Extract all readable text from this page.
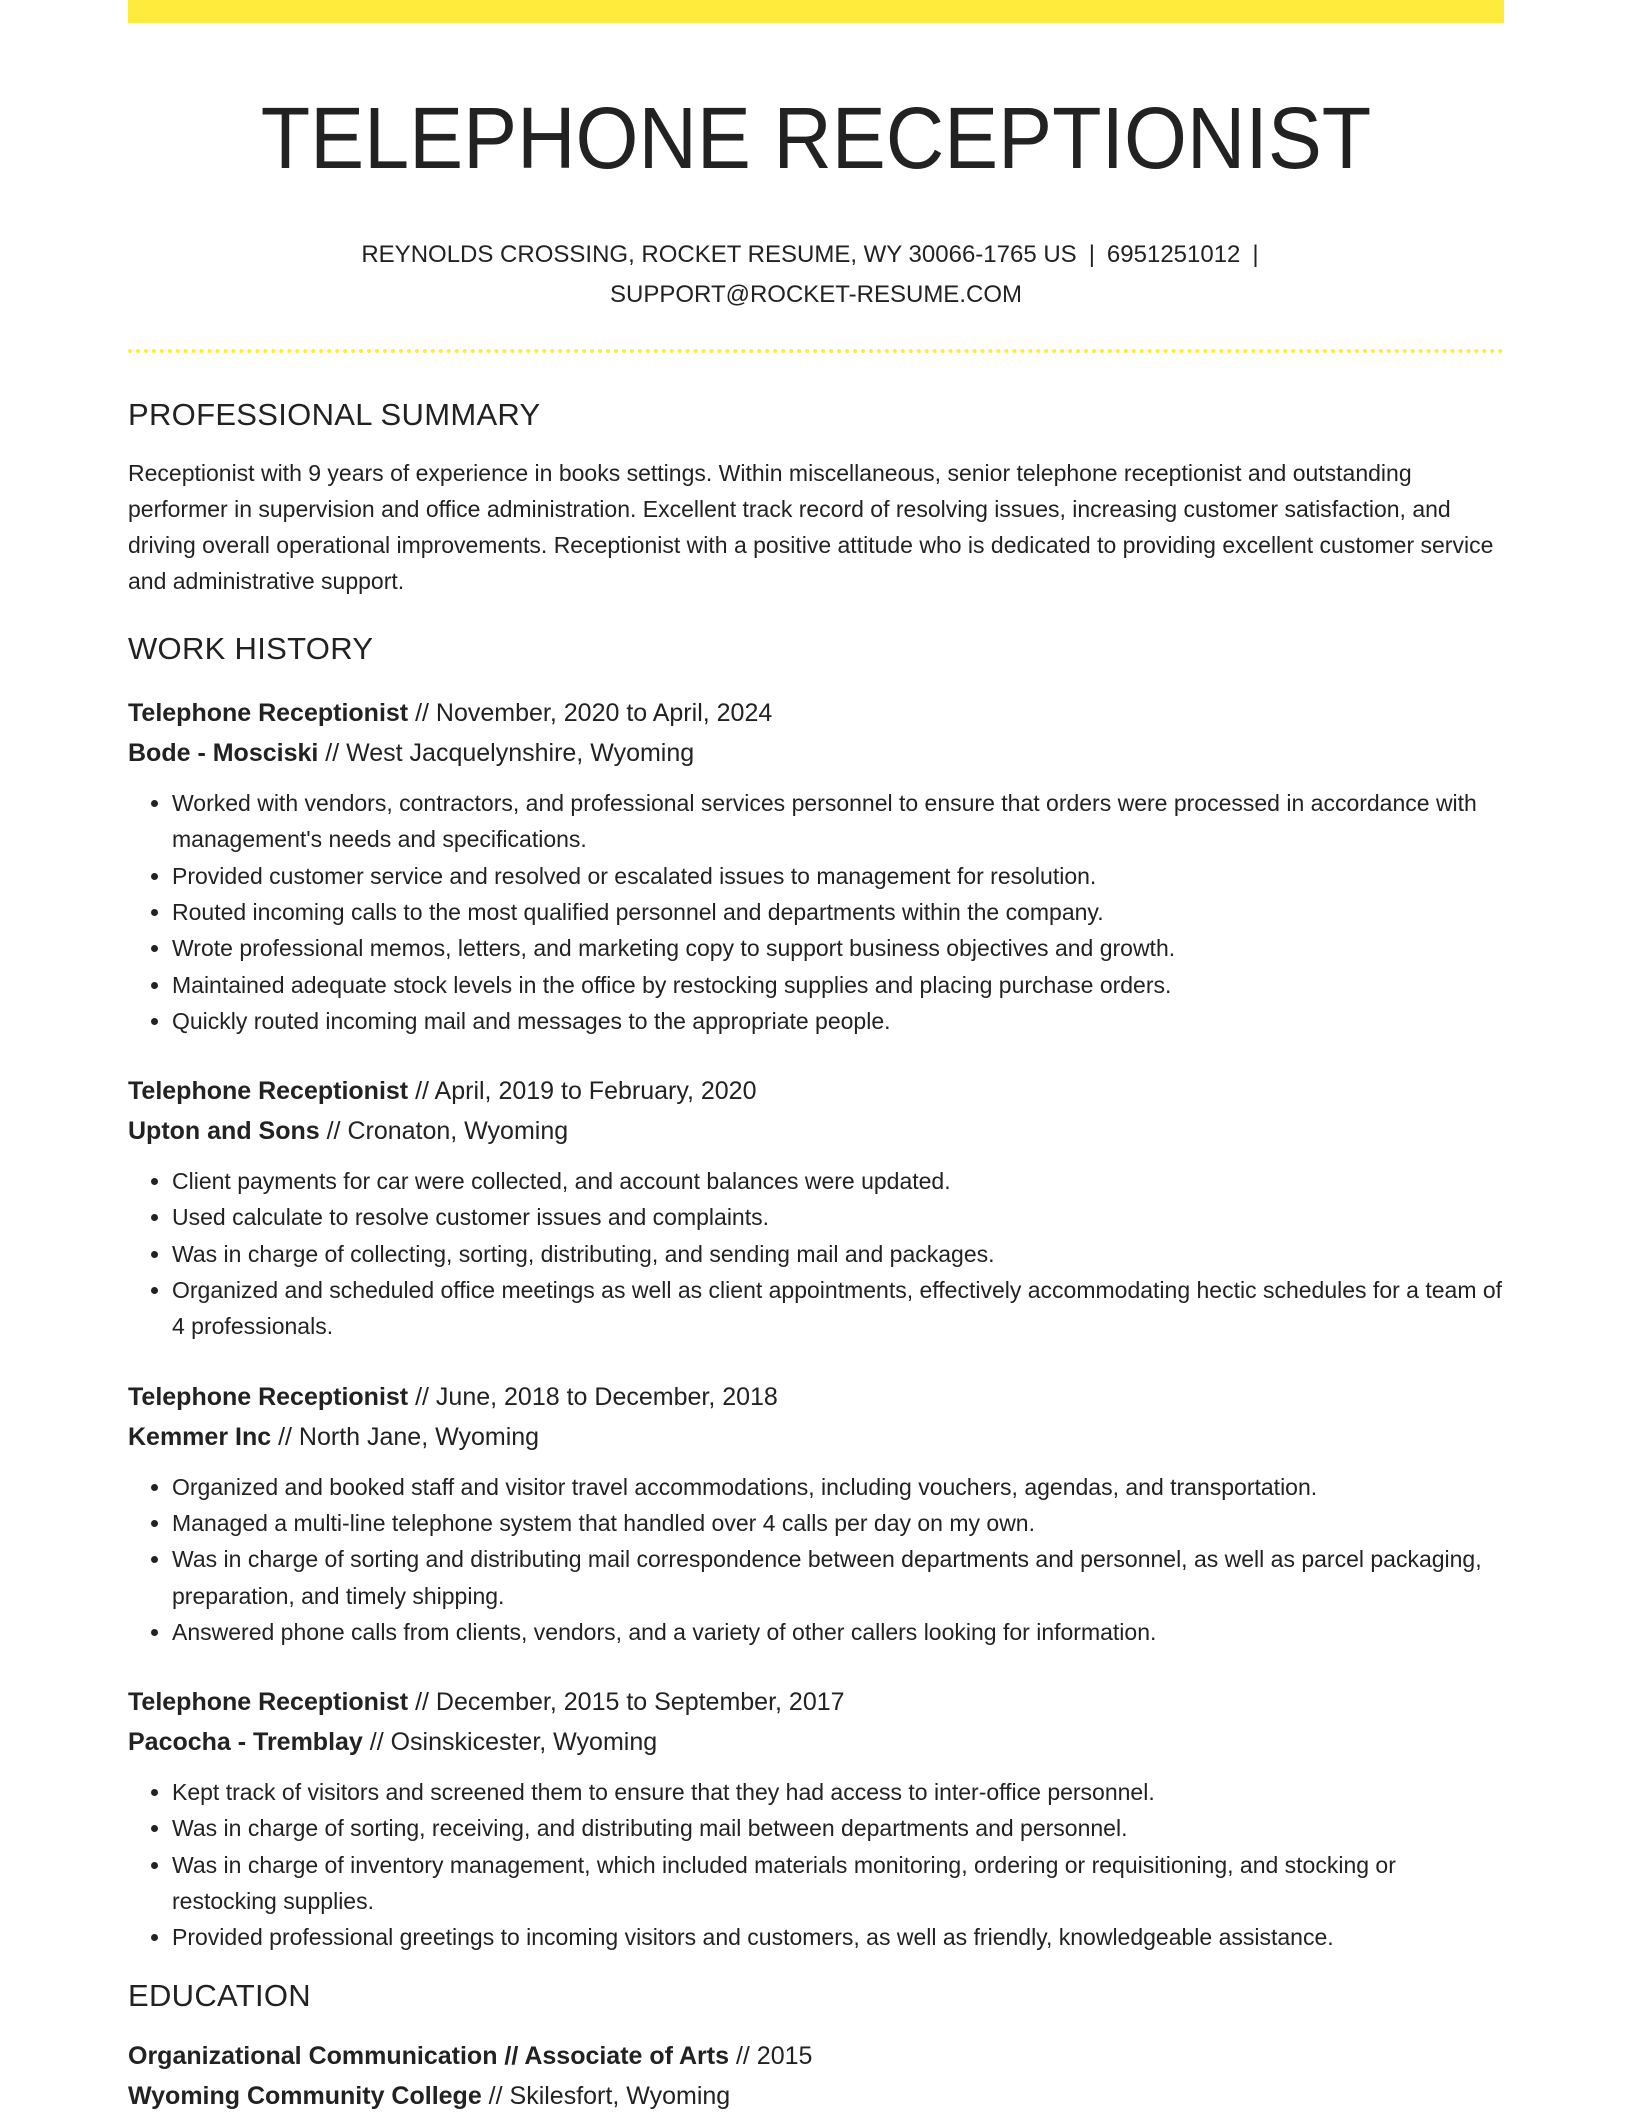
TELEPHONE RECEPTIONIST
REYNOLDS CROSSING, ROCKET RESUME, WY 30066-1765 US | 6951251012 |
SUPPORT@ROCKET-RESUME.COM
PROFESSIONAL SUMMARY

Receptionist with 9 years of experience in books settings. Within miscellaneous, senior telephone receptionist and outstanding performer in supervision and office administration. Excellent track record of resolving issues, increasing customer satisfaction, and driving overall operational improvements. Receptionist with a positive attitude who is dedicated to providing excellent customer service and administrative support.

WORK HISTORY
Telephone Receptionist // November, 2020 to April, 2024
Bode - Mosciski // West Jacquelynshire, Wyoming
• Worked with vendors, contractors, and professional services personnel to ensure that orders were processed in accordance with management's needs and specifications.
• Provided customer service and resolved or escalated issues to management for resolution.
• Routed incoming calls to the most qualified personnel and departments within the company.
• Wrote professional memos, letters, and marketing copy to support business objectives and growth.
• Maintained adequate stock levels in the office by restocking supplies and placing purchase orders.
• Quickly routed incoming mail and messages to the appropriate people.
Telephone Receptionist // April, 2019 to February, 2020
Upton and Sons // Cronaton, Wyoming
• Client payments for car were collected, and account balances were updated.
• Used calculate to resolve customer issues and complaints.
• Was in charge of collecting, sorting, distributing, and sending mail and packages.
• Organized and scheduled office meetings as well as client appointments, effectively accommodating hectic schedules for a team of 4 professionals.
Telephone Receptionist // June, 2018 to December, 2018
Kemmer Inc // North Jane, Wyoming
• Organized and booked staff and visitor travel accommodations, including vouchers, agendas, and transportation.
• Managed a multi-line telephone system that handled over 4 calls per day on my own.
• Was in charge of sorting and distributing mail correspondence between departments and personnel, as well as parcel packaging, preparation, and timely shipping.
• Answered phone calls from clients, vendors, and a variety of other callers looking for information.
Telephone Receptionist // December, 2015 to September, 2017
Pacocha - Tremblay // Osinskicester, Wyoming
• Kept track of visitors and screened them to ensure that they had access to inter-office personnel.
• Was in charge of sorting, receiving, and distributing mail between departments and personnel.
• Was in charge of inventory management, which included materials monitoring, ordering or requisitioning, and stocking or restocking supplies.
• Provided professional greetings to incoming visitors and customers, as well as friendly, knowledgeable assistance.
EDUCATION
Organizational Communication // Associate of Arts // 2015
Wyoming Community College // Skilesfort, Wyoming
